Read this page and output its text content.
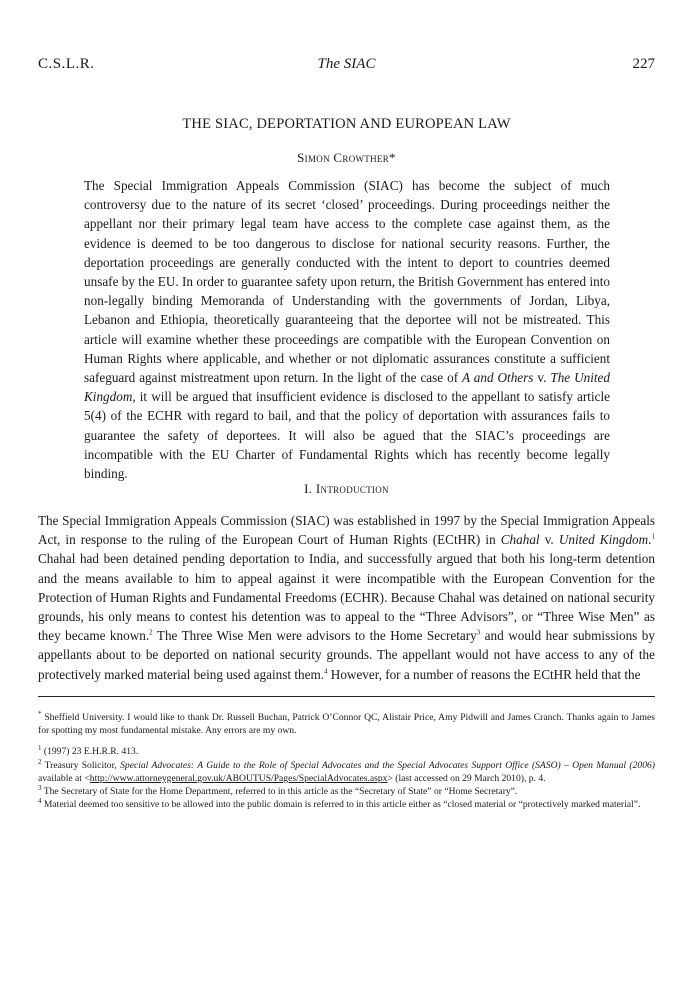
C.S.L.R.	The SIAC	227
THE SIAC, DEPORTATION AND EUROPEAN LAW
Simon Crowther*
The Special Immigration Appeals Commission (SIAC) has become the subject of much controversy due to the nature of its secret ‘closed’ proceedings. During proceedings neither the appellant nor their primary legal team have access to the complete case against them, as the evidence is deemed to be too dangerous to disclose for national security reasons. Further, the deportation proceedings are generally conducted with the intent to deport to countries deemed unsafe by the EU. In order to guarantee safety upon return, the British Government has entered into non-legally binding Memoranda of Understanding with the governments of Jordan, Libya, Lebanon and Ethiopia, theoretically guaranteeing that the deportee will not be mistreated. This article will examine whether these proceedings are compatible with the European Convention on Human Rights where applicable, and whether or not diplomatic assurances constitute a sufficient safeguard against mistreatment upon return. In the light of the case of A and Others v. The United Kingdom, it will be argued that insufficient evidence is disclosed to the appellant to satisfy article 5(4) of the ECHR with regard to bail, and that the policy of deportation with assurances fails to guarantee the safety of deportees. It will also be agued that the SIAC’s proceedings are incompatible with the EU Charter of Fundamental Rights which has recently become legally binding.
I. Introduction
The Special Immigration Appeals Commission (SIAC) was established in 1997 by the Special Immigration Appeals Act, in response to the ruling of the European Court of Human Rights (ECtHR) in Chahal v. United Kingdom.$^1$ Chahal had been detained pending deportation to India, and successfully argued that both his long-term detention and the means available to him to appeal against it were incompatible with the European Convention for the Protection of Human Rights and Fundamental Freedoms (ECHR). Because Chahal was detained on national security grounds, his only means to contest his detention was to appeal to the “Three Advisors”, or “Three Wise Men” as they became known.$^2$ The Three Wise Men were advisors to the Home Secretary$^3$ and would hear submissions by appellants about to be deported on national security grounds. The appellant would not have access to any of the protectively marked material being used against them.$^4$ However, for a number of reasons the ECtHR held that the

* Sheffield University. I would like to thank Dr. Russell Buchan, Patrick O’Connor QC, Alistair Price, Amy Pidwill and James Cranch. Thanks again to James for spotting my most fundamental mistake. Any errors are my own.

$^1$ (1997) 23 E.H.R.R. 413.

$^2$ Treasury Solicitor, Special Advocates: A Guide to the Role of Special Advocates and the Special Advocates Support Office (SASO) – Open Manual (2006) available at <http://www.attorneygeneral.gov.uk/ABOUTUS/Pages/SpecialAdvocates.aspx> (last accessed on 29 March 2010), p. 4.

$^3$ The Secretary of State for the Home Department, referred to in this article as the “Secretary of State” or “Home Secretary”.

$^4$ Material deemed too sensitive to be allowed into the public domain is referred to in this article either as “closed material or “protectively marked material”.
